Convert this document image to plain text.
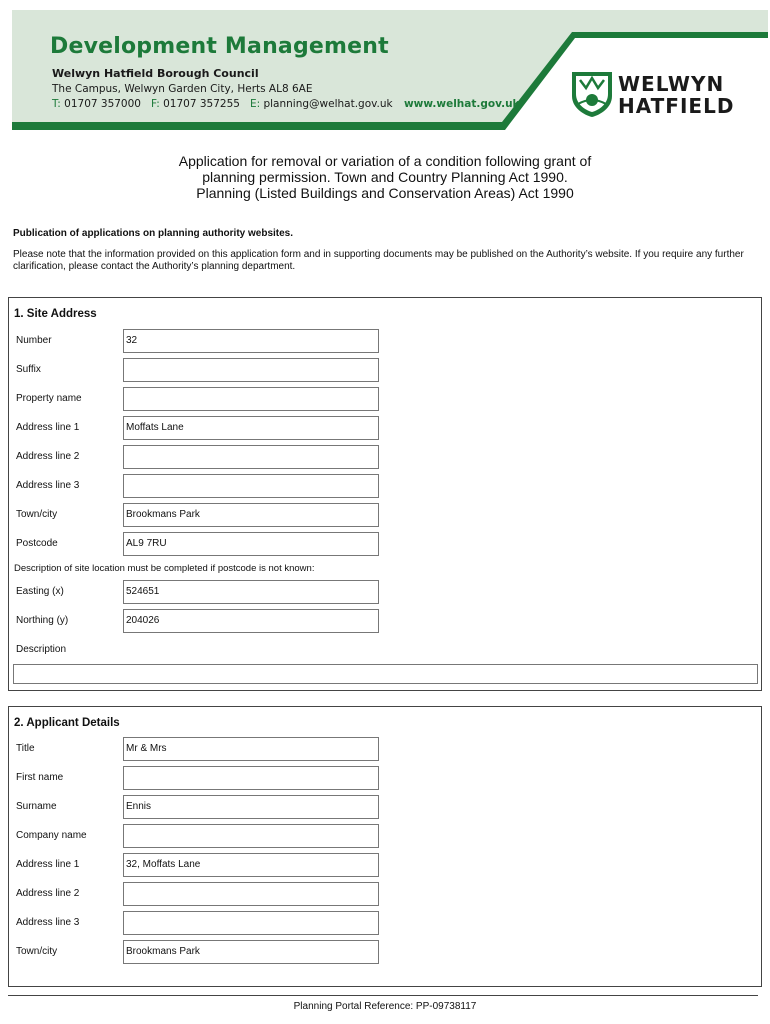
Development Management
Welwyn Hatfield Borough Council
The Campus, Welwyn Garden City, Herts AL8 6AE
T: 01707 357000 F: 01707 357255 E: planning@welhat.gov.uk www.welhat.gov.uk
WELWYN
HATFIELD
Application for removal or variation of a condition following grant of
planning permission. Town and Country Planning Act 1990.
Planning (Listed Buildings and Conservation Areas) Act 1990
Publication of applications on planning authority websites.
Please note that the information provided on this application form and in supporting documents may be published on the Authority’s website. If you require any further clarification, please contact the Authority’s planning department.
1. Site Address
Number	32
Suffix
Property name
Address line 1	Moffats Lane
Address line 2
Address line 3
Town/city	Brookmans Park
Postcode	AL9 7RU
Description of site location must be completed if postcode is not known:
Easting (x)	524651
Northing (y)	204026
Description
2. Applicant Details
Title	Mr & Mrs
First name
Surname	Ennis
Company name
Address line 1	32, Moffats Lane
Address line 2
Address line 3
Town/city	Brookmans Park
Planning Portal Reference: PP-09738117
